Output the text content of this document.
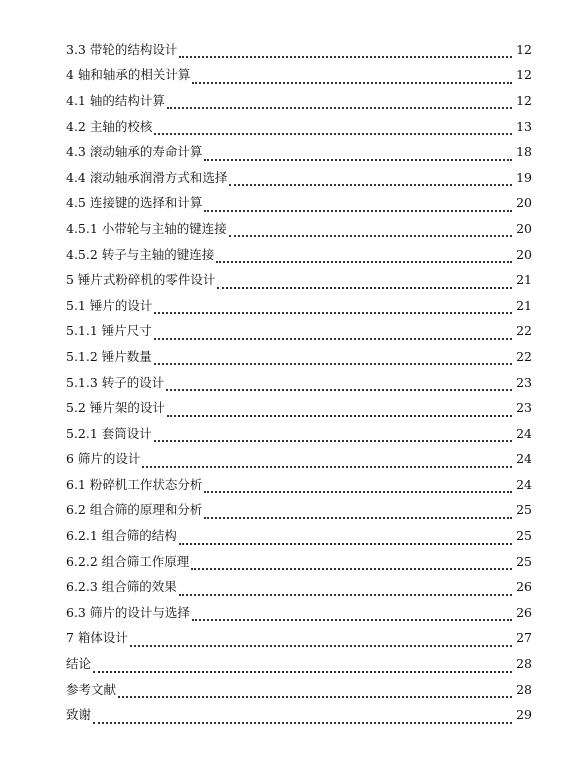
3.3 带轮的结构设计	12
4 轴和轴承的相关计算	12
4.1 轴的结构计算	12
4.2 主轴的校核	13
4.3 滚动轴承的寿命计算	18
4.4 滚动轴承润滑方式和选择	19
4.5 连接键的选择和计算	20
4.5.1 小带轮与主轴的键连接	20
4.5.2 转子与主轴的键连接	20
5 锤片式粉碎机的零件设计	21
5.1 锤片的设计	21
5.1.1 锤片尺寸	22
5.1.2 锤片数量	22
5.1.3 转子的设计	23
5.2 锤片架的设计	23
5.2.1 套筒设计	24
6 筛片的设计	24
6.1 粉碎机工作状态分析	24
6.2 组合筛的原理和分析	25
6.2.1 组合筛的结构	25
6.2.2 组合筛工作原理	25
6.2.3 组合筛的效果	26
6.3 筛片的设计与选择	26
7 箱体设计	27
结论	28
参考文献	28
致谢	29
